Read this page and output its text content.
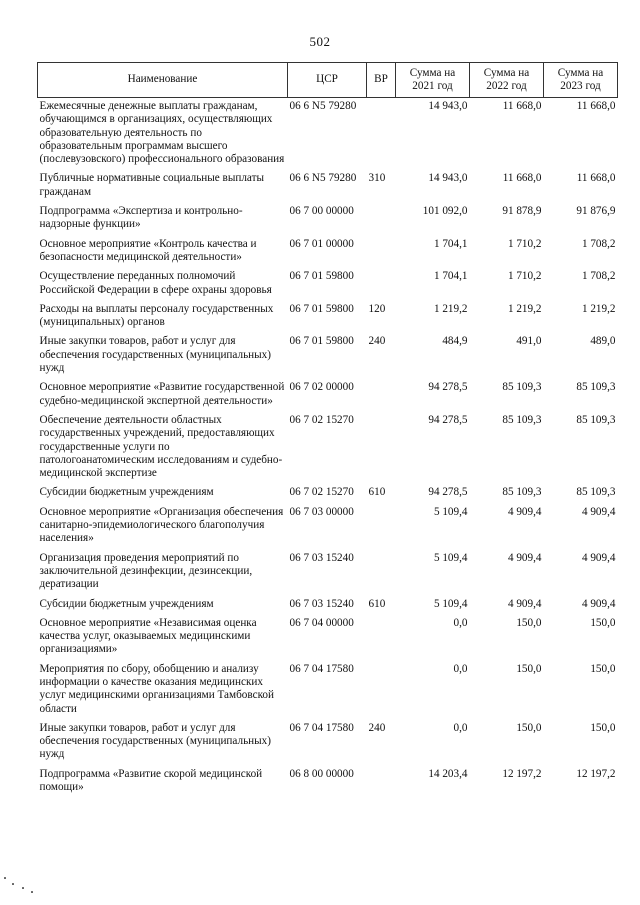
502
Наименование	ЦСР	ВР	Сумма на 2021 год	Сумма на 2022 год	Сумма на 2023 год
Ежемесячные денежные выплаты гражданам, обучающимся в организациях, осуществляющих образовательную деятельность по образовательным программам высшего (послевузовского) профессионального образования	06 6 N5 79280		14 943,0	11 668,0	11 668,0
Публичные нормативные социальные выплаты гражданам	06 6 N5 79280	310	14 943,0	11 668,0	11 668,0
Подпрограмма «Экспертиза и контрольно-надзорные функции»	06 7 00 00000		101 092,0	91 878,9	91 876,9
Основное мероприятие «Контроль качества и безопасности медицинской деятельности»	06 7 01 00000		1 704,1	1 710,2	1 708,2
Осуществление переданных полномочий Российской Федерации в сфере охраны здоровья	06 7 01 59800		1 704,1	1 710,2	1 708,2
Расходы на выплаты персоналу государственных (муниципальных) органов	06 7 01 59800	120	1 219,2	1 219,2	1 219,2
Иные закупки товаров, работ и услуг для обеспечения государственных (муниципальных) нужд	06 7 01 59800	240	484,9	491,0	489,0
Основное мероприятие «Развитие государственной судебно-медицинской экспертной деятельности»	06 7 02 00000		94 278,5	85 109,3	85 109,3
Обеспечение деятельности областных государственных учреждений, предоставляющих государственные услуги по патологоанатомическим исследованиям и судебно-медицинской экспертизе	06 7 02 15270		94 278,5	85 109,3	85 109,3
Субсидии бюджетным учреждениям	06 7 02 15270	610	94 278,5	85 109,3	85 109,3
Основное мероприятие «Организация обеспечения санитарно-эпидемиологического благополучия населения»	06 7 03 00000		5 109,4	4 909,4	4 909,4
Организация проведения мероприятий по заключительной дезинфекции, дезинсекции, дератизации	06 7 03 15240		5 109,4	4 909,4	4 909,4
Субсидии бюджетным учреждениям	06 7 03 15240	610	5 109,4	4 909,4	4 909,4
Основное мероприятие «Независимая оценка качества услуг, оказываемых медицинскими организациями»	06 7 04 00000		0,0	150,0	150,0
Мероприятия по сбору, обобщению и анализу информации о качестве оказания медицинских услуг медицинскими организациями Тамбовской области	06 7 04 17580		0,0	150,0	150,0
Иные закупки товаров, работ и услуг для обеспечения государственных (муниципальных) нужд	06 7 04 17580	240	0,0	150,0	150,0
Подпрограмма «Развитие скорой медицинской помощи»	06 8 00 00000		14 203,4	12 197,2	12 197,2
